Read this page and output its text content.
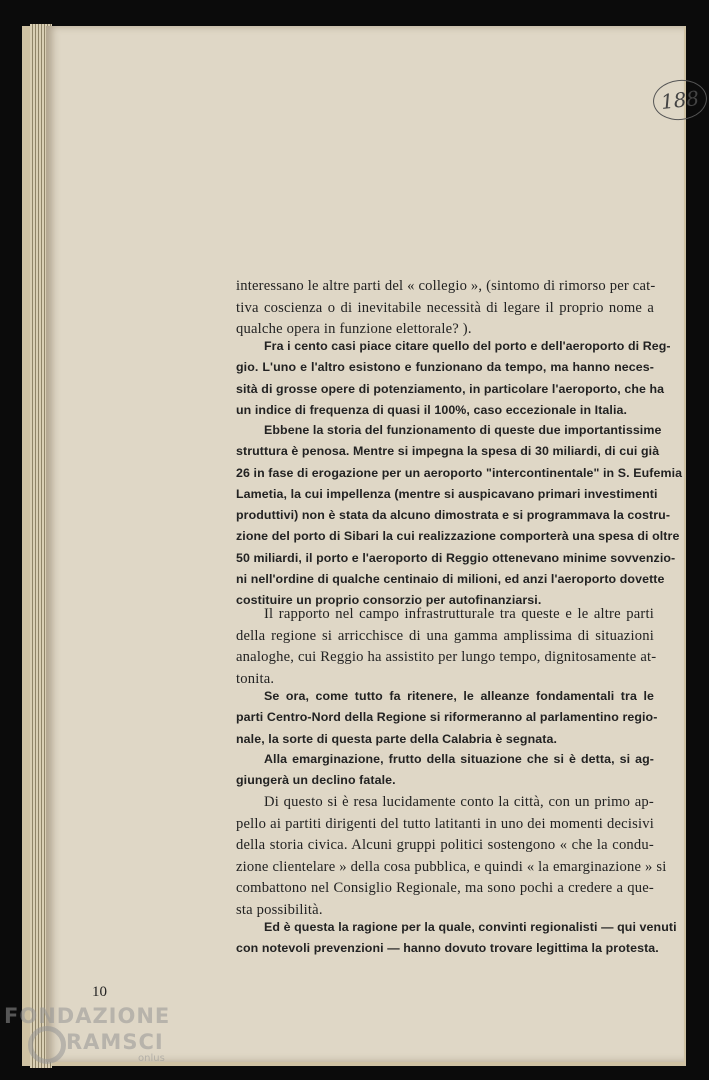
188
interessano le altre parti del « collegio », (sintomo di rimorso per cat-
tiva coscienza o di inevitabile necessità di legare il proprio nome a
qualche opera in funzione elettorale? ).
Fra i cento casi piace citare quello del porto e dell'aeroporto di Reg-
gio. L'uno e l'altro esistono e funzionano da tempo, ma hanno neces-
sità di grosse opere di potenziamento, in particolare l'aeroporto, che ha
un indice di frequenza di quasi il 100%, caso eccezionale in Italia.
Ebbene la storia del funzionamento di queste due importantissime
struttura è penosa. Mentre si impegna la spesa di 30 miliardi, di cui già
26 in fase di erogazione per un aeroporto "intercontinentale" in S. Eufemia
Lametia, la cui impellenza (mentre si auspicavano primari investimenti
produttivi) non è stata da alcuno dimostrata e si programmava la costru-
zione del porto di Sibari la cui realizzazione comporterà una spesa di oltre
50 miliardi, il porto e l'aeroporto di Reggio ottenevano minime sovvenzio-
ni nell'ordine di qualche centinaio di milioni, ed anzi l'aeroporto dovette
costituire un proprio consorzio per autofinanziarsi.
Il rapporto nel campo infrastrutturale tra queste e le altre parti
della regione si arricchisce di una gamma amplissima di situazioni
analoghe, cui Reggio ha assistito per lungo tempo, dignitosamente at-
tonita.
Se ora, come tutto fa ritenere, le alleanze fondamentali tra le
parti Centro-Nord della Regione si riformeranno al parlamentino regio-
nale, la sorte di questa parte della Calabria è segnata.
Alla emarginazione, frutto della situazione che si è detta, si ag-
giungerà un declino fatale.
Di questo si è resa lucidamente conto la città, con un primo ap-
pello ai partiti dirigenti del tutto latitanti in uno dei momenti decisivi
della storia civica. Alcuni gruppi politici sostengono « che la condu-
zione clientelare » della cosa pubblica, e quindi « la emarginazione » si
combattono nel Consiglio Regionale, ma sono pochi a credere a que-
sta possibilità.
Ed è questa la ragione per la quale, convinti regionalisti — qui venuti
con notevoli prevenzioni — hanno dovuto trovare legittima la protesta.
10
FONDAZIONE
RAMSCI
onlus
